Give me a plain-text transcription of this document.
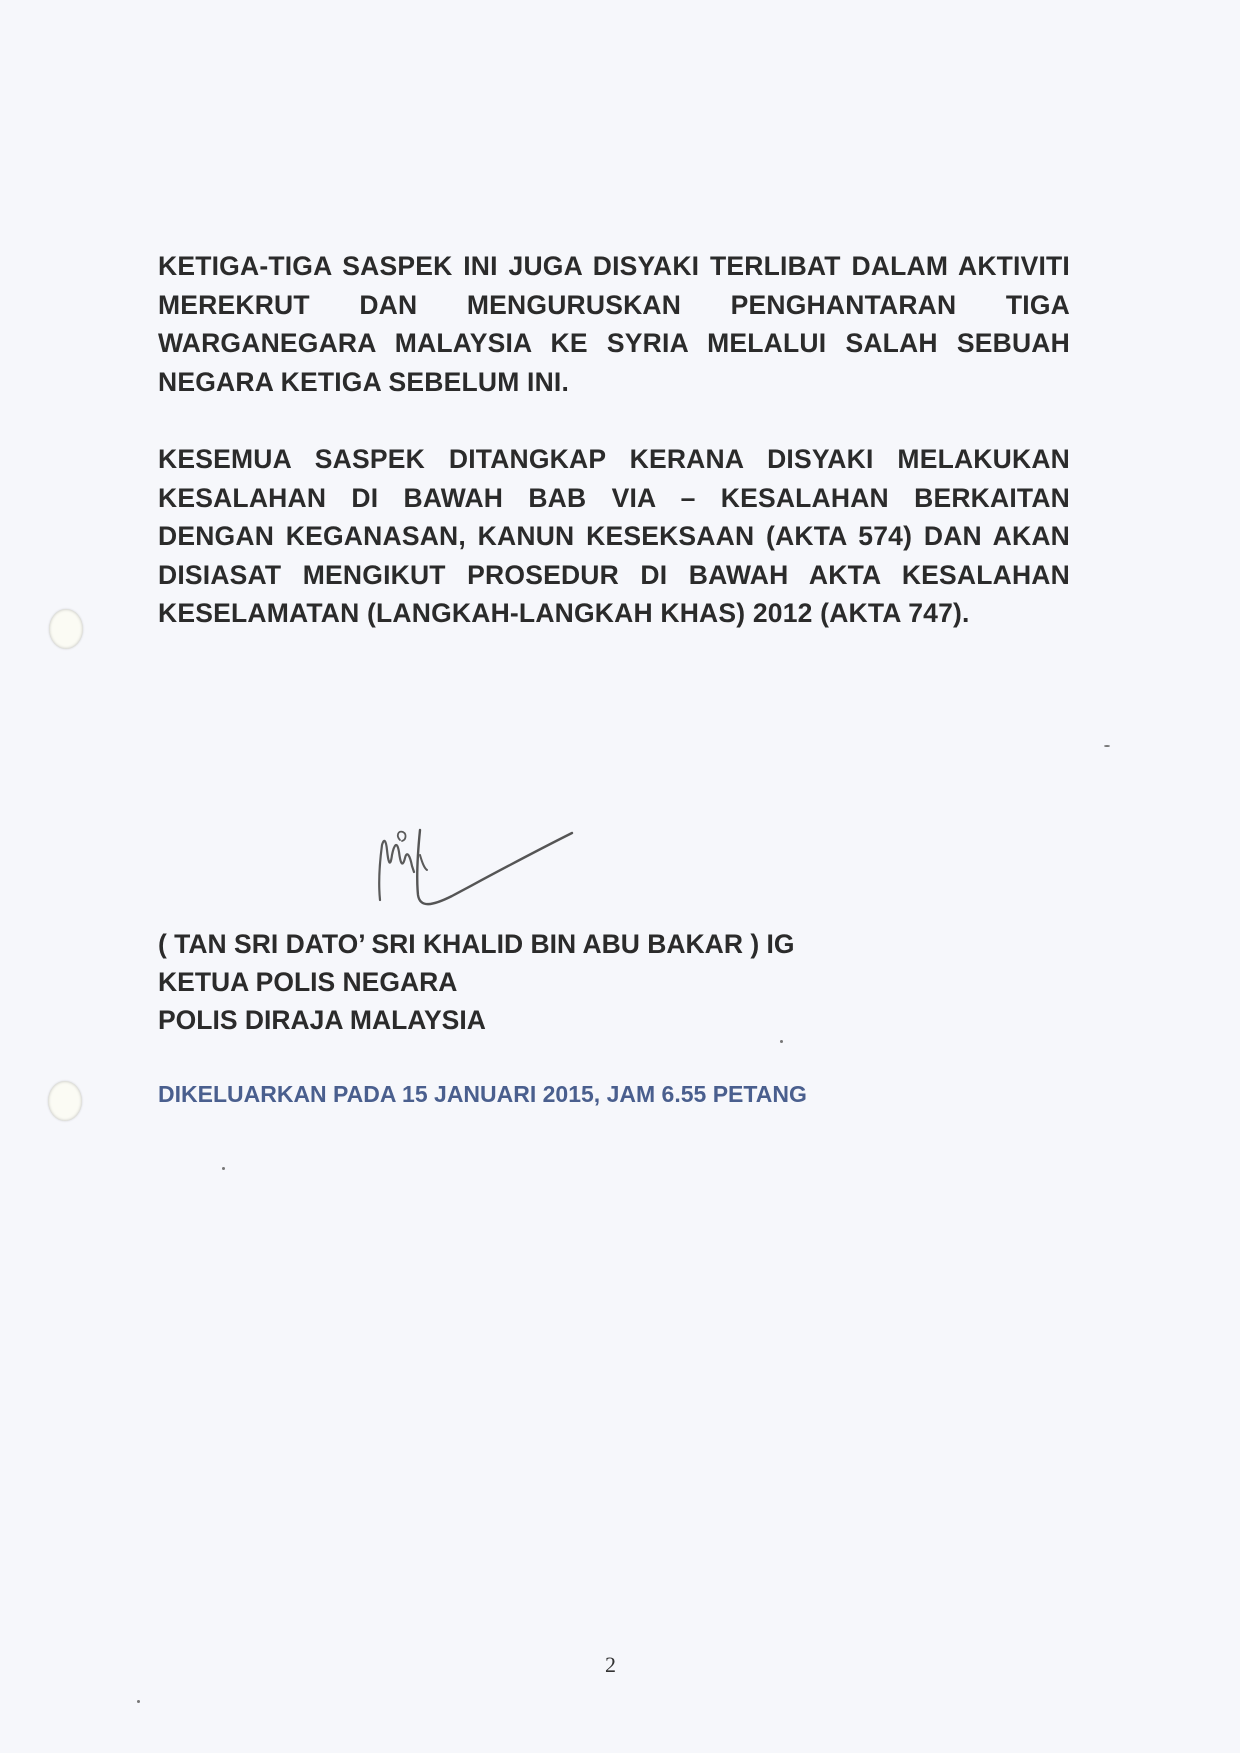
KETIGA-TIGA SASPEK INI JUGA DISYAKI TERLIBAT DALAM AKTIVITI MEREKRUT DAN MENGURUSKAN PENGHANTARAN TIGA WARGANEGARA MALAYSIA KE SYRIA MELALUI SALAH SEBUAH NEGARA KETIGA SEBELUM INI.

KESEMUA SASPEK DITANGKAP KERANA DISYAKI MELAKUKAN KESALAHAN DI BAWAH BAB VIA – KESALAHAN BERKAITAN DENGAN KEGANASAN, KANUN KESEKSAAN (AKTA 574) DAN AKAN DISIASAT MENGIKUT PROSEDUR DI BAWAH AKTA KESALAHAN KESELAMATAN (LANGKAH-LANGKAH KHAS) 2012 (AKTA 747).

( TAN SRI DATO’ SRI KHALID BIN ABU BAKAR ) IG
KETUA POLIS NEGARA
POLIS DIRAJA MALAYSIA
DIKELUARKAN PADA 15 JANUARI 2015, JAM 6.55 PETANG
2
